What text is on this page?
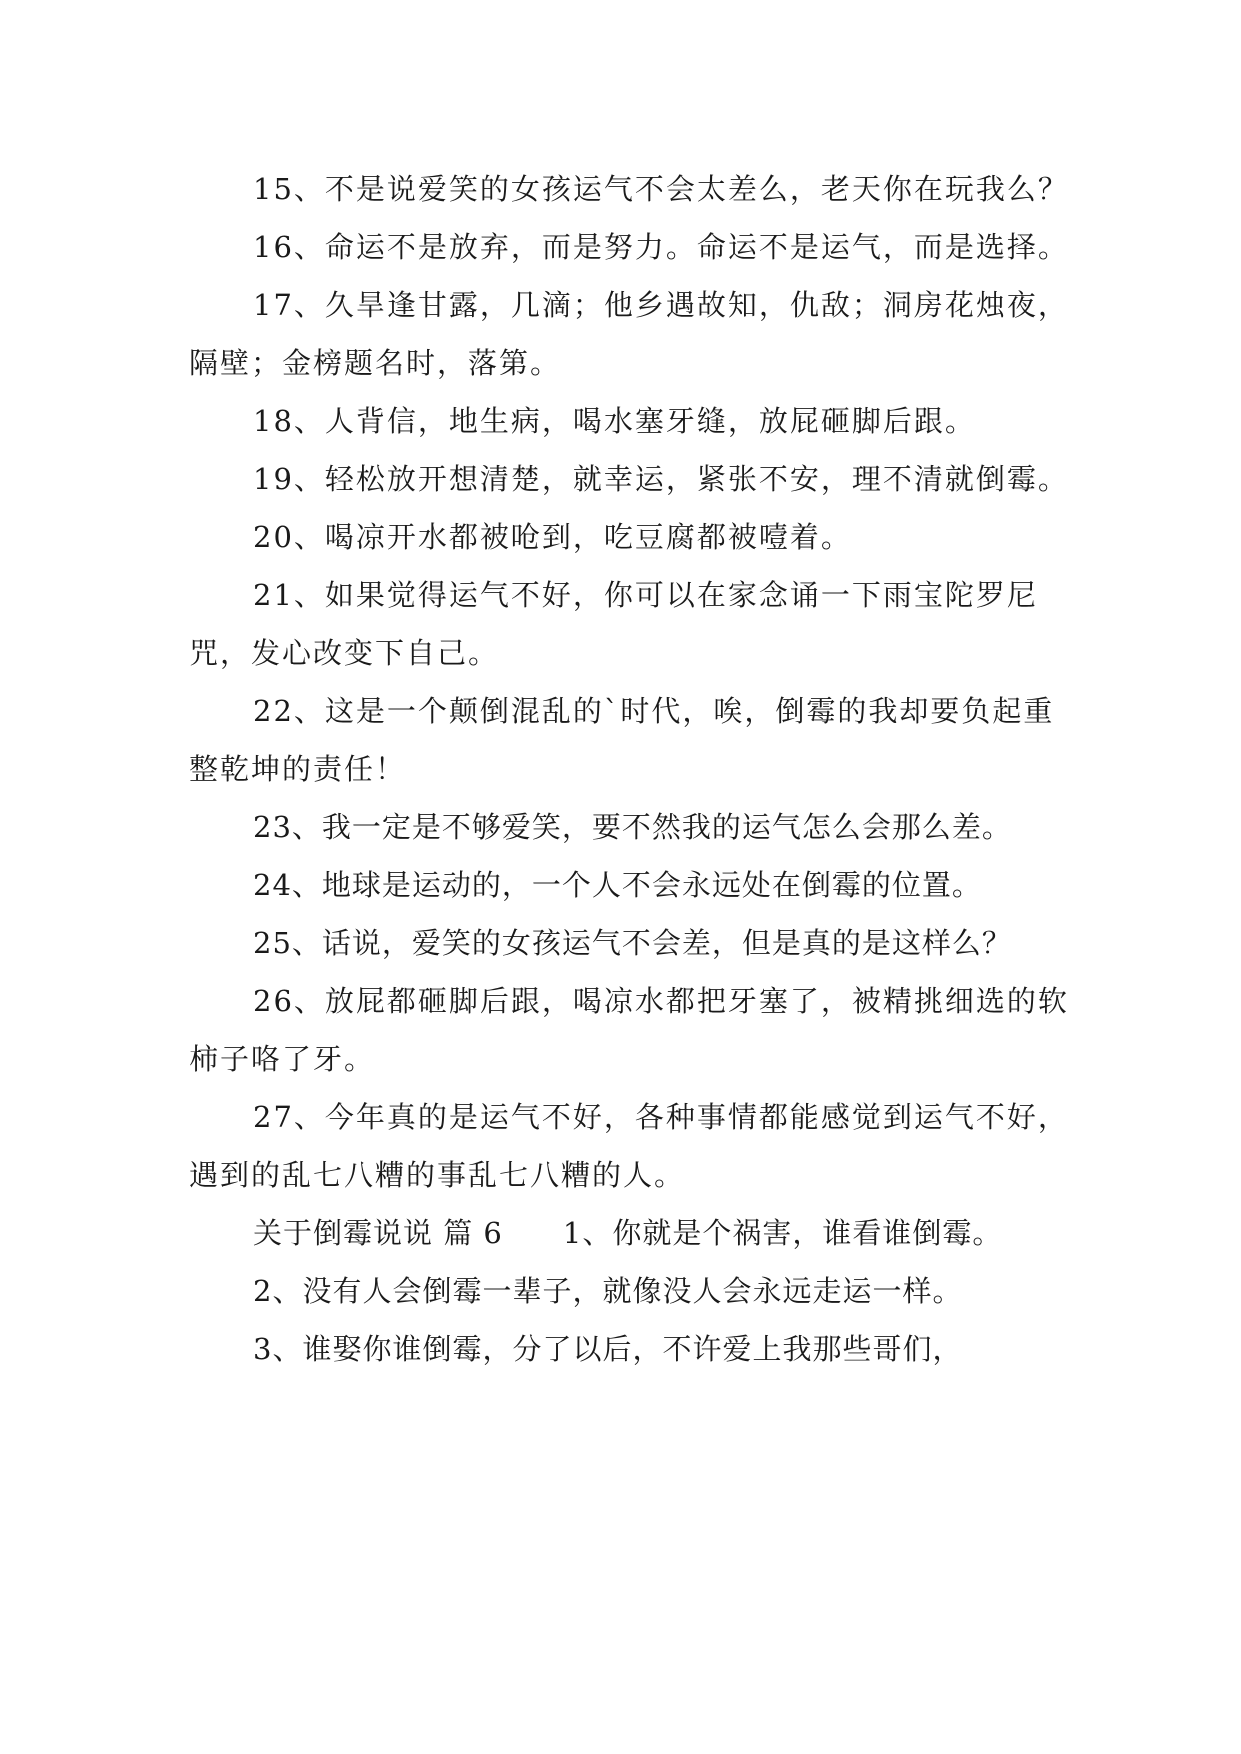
15、不是说爱笑的女孩运气不会太差么，老天你在玩我么？

16、命运不是放弃，而是努力。命运不是运气，而是选择。

17、久旱逢甘露，几滴；他乡遇故知，仇敌；洞房花烛夜，隔壁；金榜题名时，落第。

18、人背信，地生病，喝水塞牙缝，放屁砸脚后跟。

19、轻松放开想清楚，就幸运，紧张不安，理不清就倒霉。

20、喝凉开水都被呛到，吃豆腐都被噎着。

21、如果觉得运气不好，你可以在家念诵一下雨宝陀罗尼咒，发心改变下自己。

22、这是一个颠倒混乱的`时代，唉，倒霉的我却要负起重整乾坤的责任！

23、我一定是不够爱笑，要不然我的运气怎么会那么差。

24、地球是运动的，一个人不会永远处在倒霉的位置。

25、话说，爱笑的女孩运气不会差，但是真的是这样么？

26、放屁都砸脚后跟，喝凉水都把牙塞了，被精挑细选的软柿子咯了牙。

27、今年真的是运气不好，各种事情都能感觉到运气不好，遇到的乱七八糟的事乱七八糟的人。

关于倒霉说说 篇 6 1、你就是个祸害，谁看谁倒霉。

2、没有人会倒霉一辈子，就像没人会永远走运一样。

3、谁娶你谁倒霉，分了以后，不许爱上我那些哥们，
